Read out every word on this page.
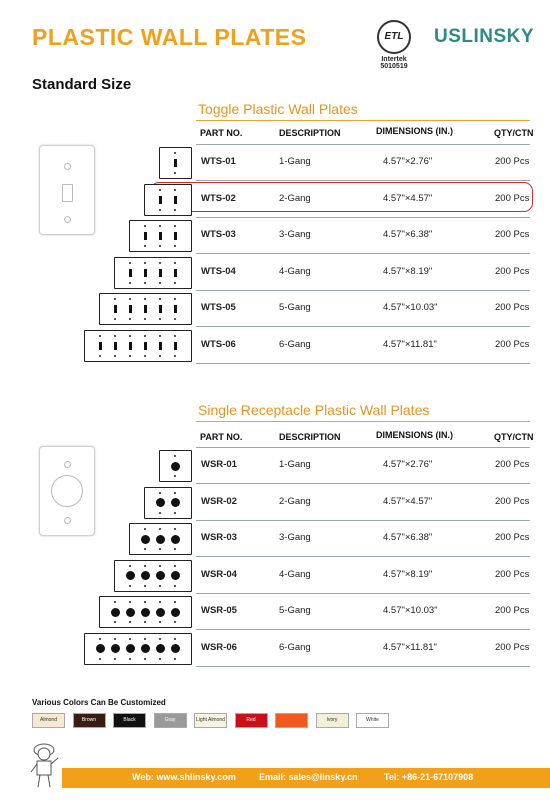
PLASTIC WALL PLATES	ETL
Intertek
5010519
USLINSKY
Standard Size
Toggle Plastic Wall Plates
PART NO.	DESCRIPTION	DIMENSIONS (IN.)	QTY/CTN
WTS-01	1-Gang	4.57"×2.76"	200 Pcs
WTS-02	2-Gang	4.57"×4.57"	200 Pcs
WTS-03	3-Gang	4.57"×6.38"	200 Pcs
WTS-04	4-Gang	4.57"×8.19"	200 Pcs
WTS-05	5-Gang	4.57"×10.03"	200 Pcs
WTS-06	6-Gang	4.57"×11.81"	200 Pcs
Single Receptacle Plastic Wall Plates
PART NO.	DESCRIPTION	DIMENSIONS (IN.)	QTY/CTN
WSR-01	1-Gang	4.57"×2.76"	200 Pcs
WSR-02	2-Gang	4.57"×4.57"	200 Pcs
WSR-03	3-Gang	4.57"×6.38"	200 Pcs
WSR-04	4-Gang	4.57"×8.19"	200 Pcs
WSR-05	5-Gang	4.57"×10.03"	200 Pcs
WSR-06	6-Gang	4.57"×11.81"	200 Pcs
Various Colors Can Be Customized
Almond	Brown	Black	Gray	Light Almond	Red	Ivory	White
Web: www.shlinsky.com	Email: sales@linsky.cn	Tel: +86-21-67107908
